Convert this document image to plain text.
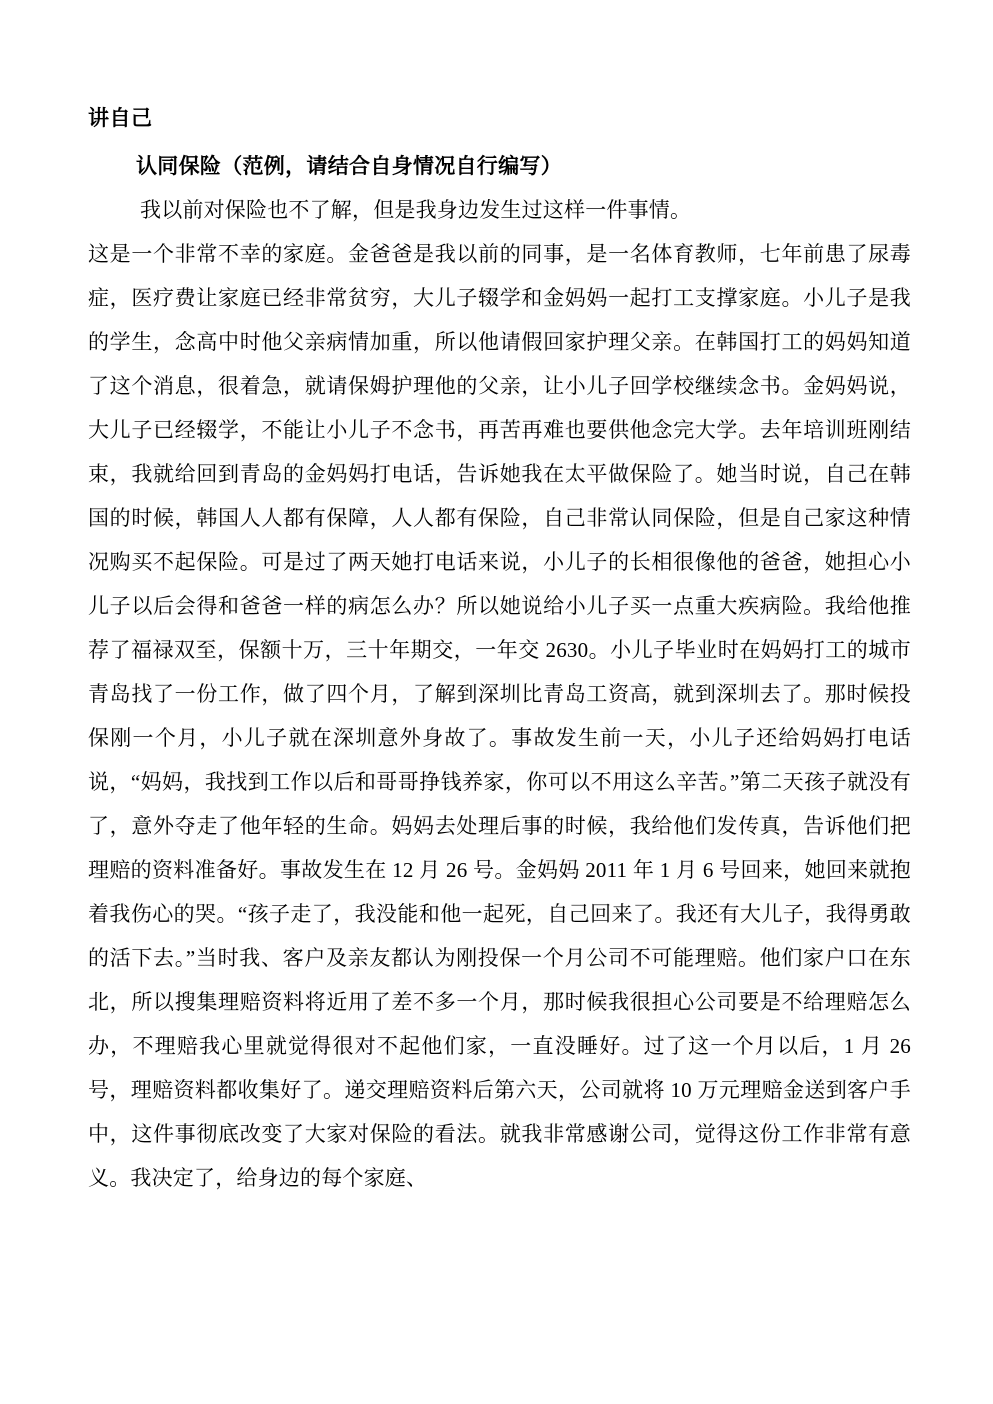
讲自己

认同保险（范例，请结合自身情况自行编写）

我以前对保险也不了解，但是我身边发生过这样一件事情。

这是一个非常不幸的家庭。金爸爸是我以前的同事，是一名体育教师，七年前患了尿毒症，医疗费让家庭已经非常贫穷，大儿子辍学和金妈妈一起打工支撑家庭。小儿子是我的学生，念高中时他父亲病情加重，所以他请假回家护理父亲。在韩国打工的妈妈知道了这个消息，很着急，就请保姆护理他的父亲，让小儿子回学校继续念书。金妈妈说，大儿子已经辍学，不能让小儿子不念书，再苦再难也要供他念完大学。去年培训班刚结束，我就给回到青岛的金妈妈打电话，告诉她我在太平做保险了。她当时说，自己在韩国的时候，韩国人人都有保障，人人都有保险，自己非常认同保险，但是自己家这种情况购买不起保险。可是过了两天她打电话来说，小儿子的长相很像他的爸爸，她担心小儿子以后会得和爸爸一样的病怎么办？所以她说给小儿子买一点重大疾病险。我给他推荐了福禄双至，保额十万，三十年期交，一年交 2630。小儿子毕业时在妈妈打工的城市青岛找了一份工作，做了四个月，了解到深圳比青岛工资高，就到深圳去了。那时候投保刚一个月，小儿子就在深圳意外身故了。事故发生前一天，小儿子还给妈妈打电话说，“妈妈，我找到工作以后和哥哥挣钱养家，你可以不用这么辛苦。”第二天孩子就没有了，意外夺走了他年轻的生命。妈妈去处理后事的时候，我给他们发传真，告诉他们把理赔的资料准备好。事故发生在 12 月 26 号。金妈妈 2011 年 1 月 6 号回来，她回来就抱着我伤心的哭。“孩子走了，我没能和他一起死，自己回来了。我还有大儿子，我得勇敢的活下去。”当时我、客户及亲友都认为刚投保一个月公司不可能理赔。他们家户口在东北，所以搜集理赔资料将近用了差不多一个月，那时候我很担心公司要是不给理赔怎么办，不理赔我心里就觉得很对不起他们家，一直没睡好。过了这一个月以后，1 月 26 号，理赔资料都收集好了。递交理赔资料后第六天，公司就将 10 万元理赔金送到客户手中，这件事彻底改变了大家对保险的看法。就我非常感谢公司，觉得这份工作非常有意义。我决定了，给身边的每个家庭、
